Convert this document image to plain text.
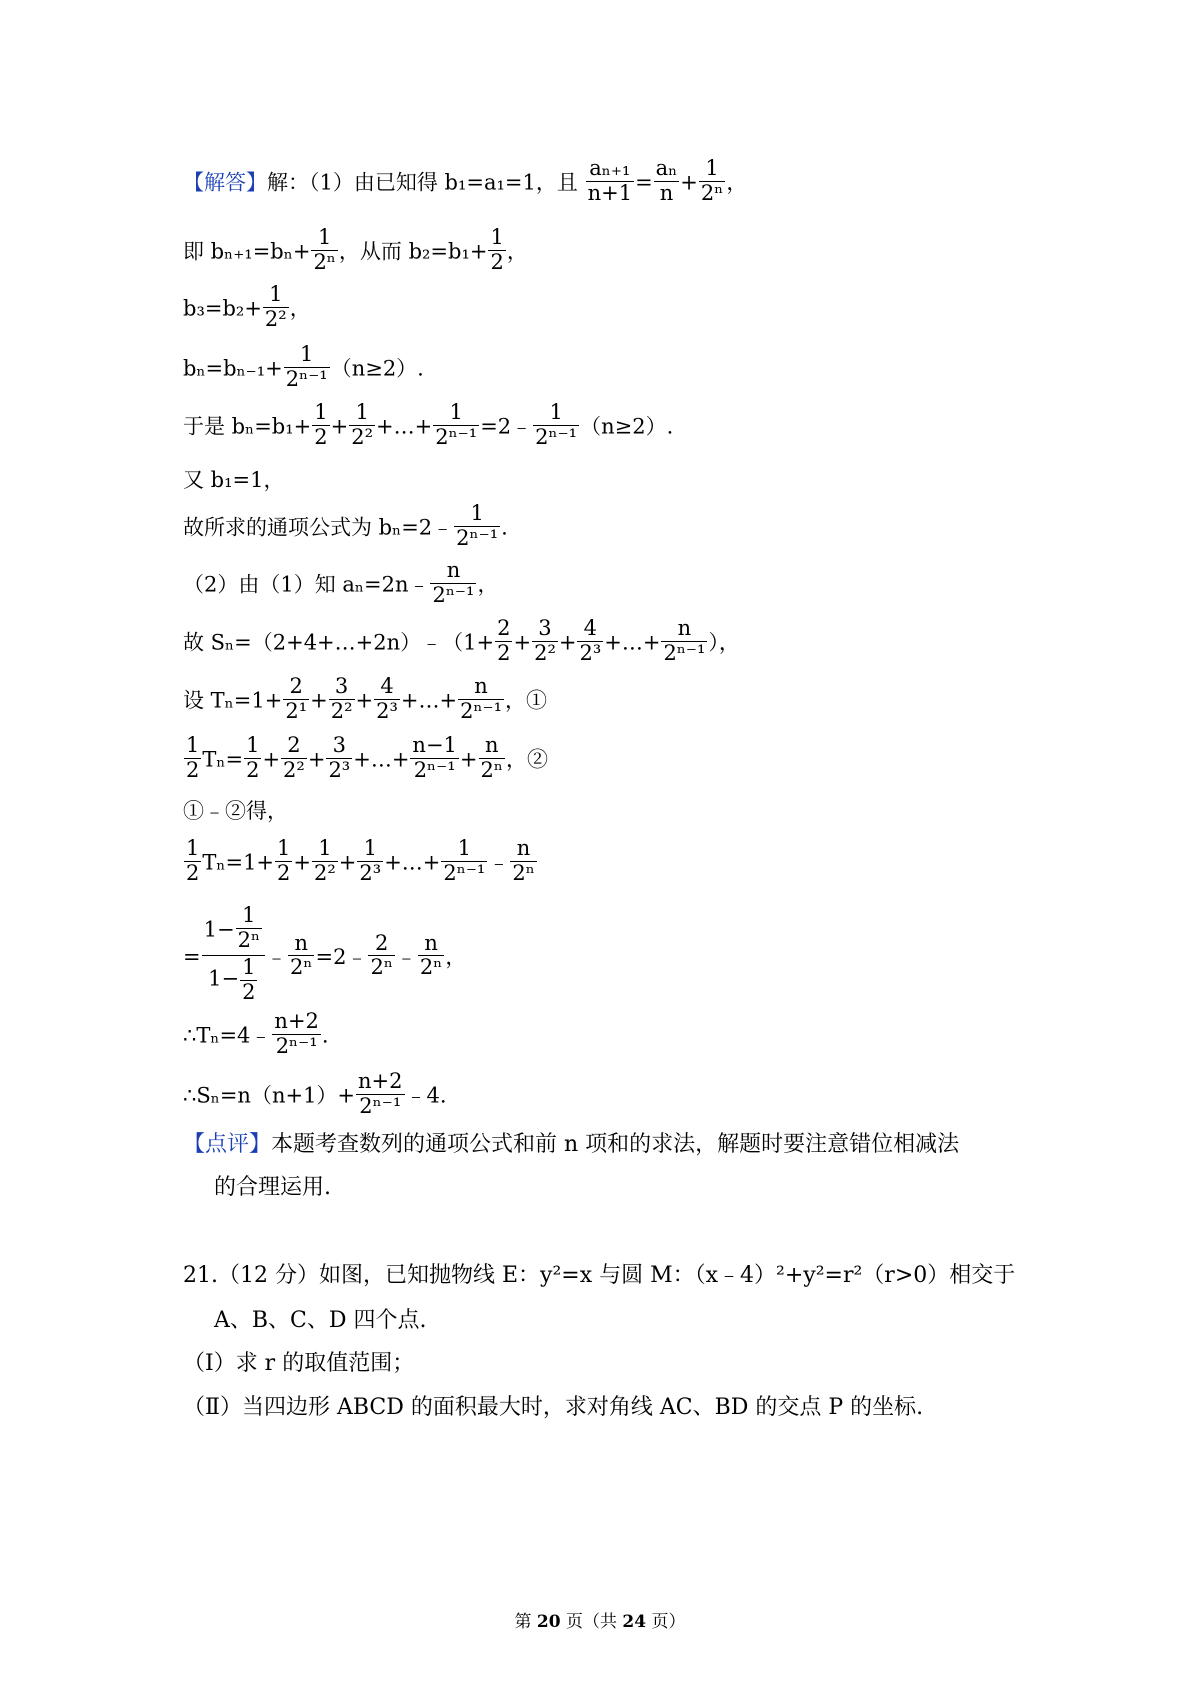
【解答】解：（1）由已知得 b₁=a₁=1，且 $\frac{\text{aₙ₊₁}}{n+1} = \frac{\text{aₙ}}{n} + \frac{1}{\text{2ⁿ}}$ ，
即 $b_{n+1}=b_n+ \frac{1}{\text{2ⁿ}}$ ，从而 $b_2=b_1+ \frac{1}{2}$ ，
$b_3=b_2+ \frac{1}{\text{2²}}$ ，
$b_n=b_{n-1}+ \frac{1}{\text{2ⁿ⁻¹}} (n\ge 2)$.
于是 $b_n=b_1+ \frac{1}{2} + \frac{1}{\text{2²}}$ +…+ $\frac{1}{\text{2ⁿ⁻¹}}$ =2﹣ $\frac{1}{\text{2ⁿ⁻¹}} (n\ge 2)$.
又 b₁=1，
故所求的通项公式为 bₙ=2﹣ $\frac{1}{\text{2ⁿ⁻¹}}$ .
（2）由（1）知 aₙ=2n﹣ $\frac{n}{\text{2ⁿ⁻¹}}$ ，
故 Sₙ=（2+4+…+2n）﹣（1+ $\frac{2}{2} + \frac{3}{\text{2²}} + \frac{4}{\text{2³}}$ +…+ $\frac{n}{\text{2ⁿ⁻¹}}$ ），
设 $T_n=1+ \frac{2}{\text{2¹}} + \frac{3}{\text{2²}} + \frac{4}{\text{2³}}$ +…+ $\frac{n}{\text{2ⁿ⁻¹}}$ ，①
$\frac{1}{2} T_n= \frac{1}{2} + \frac{2}{\text{2²}} + \frac{3}{\text{2³}}$ +…+ $\frac{n-1}{\text{2ⁿ⁻¹}} + \frac{n}{\text{2ⁿ}}$ ，②
①﹣②得，
$\frac{1}{2} T_n=1+ \frac{1}{2} + \frac{1}{\text{2²}} + \frac{1}{\text{2³}}$ +…+ $\frac{1}{\text{2ⁿ⁻¹}}$ ﹣ $\frac{n}{\text{2ⁿ}}$
= $\frac{1- \frac{1}{\text{2ⁿ}}}{1- \frac{1}{2}}$ ﹣ $\frac{n}{\text{2ⁿ}}$ =2﹣ $\frac{2}{\text{2ⁿ}}$ ﹣ $\frac{n}{\text{2ⁿ}}$ ，
∴Tₙ=4﹣ $\frac{n+2}{\text{2ⁿ⁻¹}}$ .
∴Sₙ=n（n+1）+ $\frac{n+2}{\text{2ⁿ⁻¹}}$ ﹣4.
【点评】本题考查数列的通项公式和前 n 项和的求法，解题时要注意错位相减法
的合理运用.
21.（12 分）如图，已知抛物线 E：y²=x 与圆 M：（x﹣4）²+y²=r²（r>0）相交于
A、B、C、D 四个点.
（Ⅰ）求 r 的取值范围；
（Ⅱ）当四边形 ABCD 的面积最大时，求对角线 AC、BD 的交点 P 的坐标.
第 20 页（共 24 页）
